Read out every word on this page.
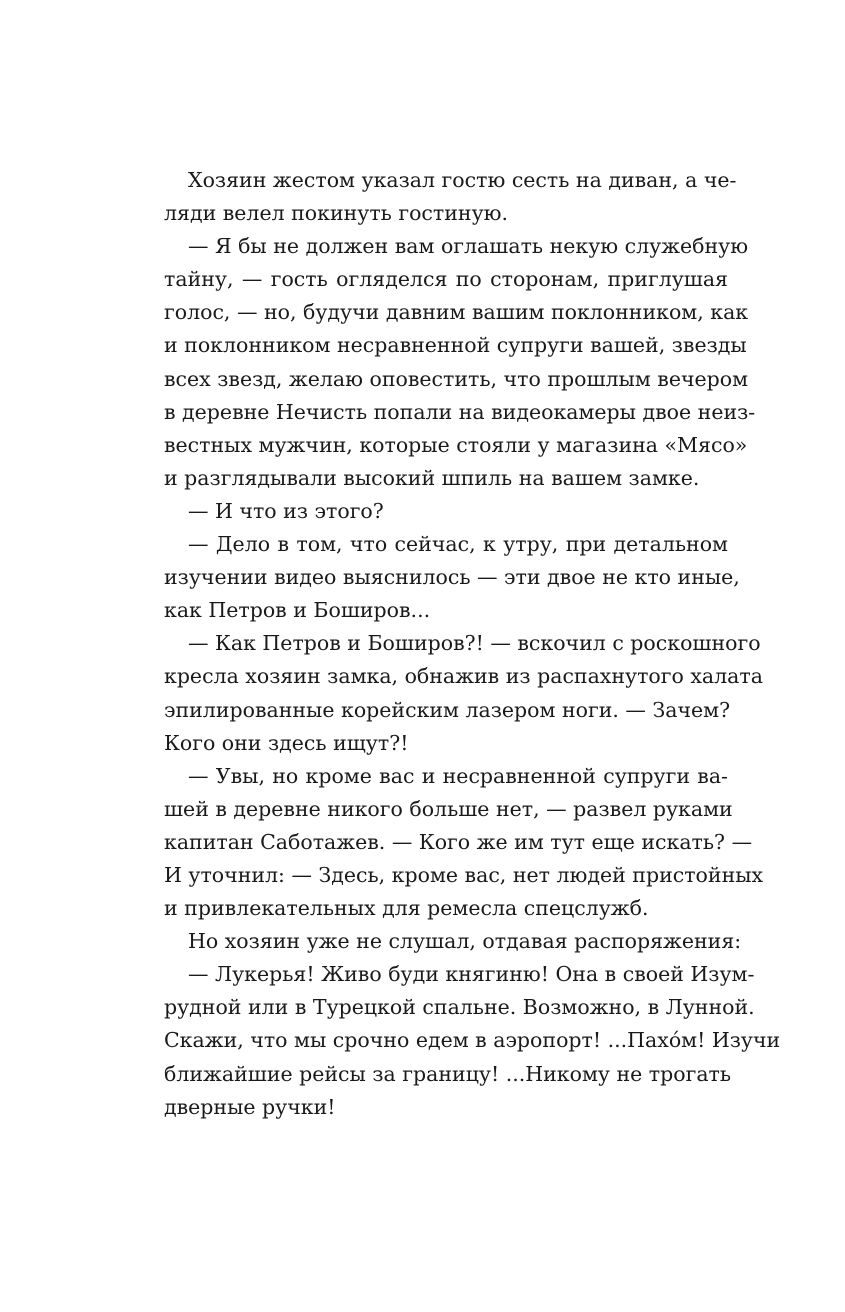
Хозяин жестом указал гостю сесть на диван, а че-
ляди велел покинуть гостиную.
— Я бы не должен вам оглашать некую служебную
тайну, — гость огляделся по сторонам, приглушая
голос, — но, будучи давним вашим поклонником, как
и поклонником несравненной супруги вашей, звезды
всех звезд, желаю оповестить, что прошлым вечером
в деревне Нечисть попали на видеокамеры двое неиз-
вестных мужчин, которые стояли у магазина «Мясо»
и разглядывали высокий шпиль на вашем замке.
— И что из этого?
— Дело в том, что сейчас, к утру, при детальном
изучении видео выяснилось — эти двое не кто иные,
как Петров и Боширов...
— Как Петров и Боширов?! — вскочил с роскошного
кресла хозяин замка, обнажив из распахнутого халата
эпилированные корейским лазером ноги. — Зачем?
Кого они здесь ищут?!
— Увы, но кроме вас и несравненной супруги ва-
шей в деревне никого больше нет, — развел руками
капитан Саботажев. — Кого же им тут еще искать? —
И уточнил: — Здесь, кроме вас, нет людей пристойных
и привлекательных для ремесла спецслужб.
Но хозяин уже не слушал, отдавая распоряжения:
— Лукерья! Живо буди княгиню! Она в своей Изум-
рудной или в Турецкой спальне. Возможно, в Лунной.
Скажи, что мы срочно едем в аэропорт! ...Пахо́м! Изучи
ближайшие рейсы за границу! ...Никому не трогать
дверные ручки!
